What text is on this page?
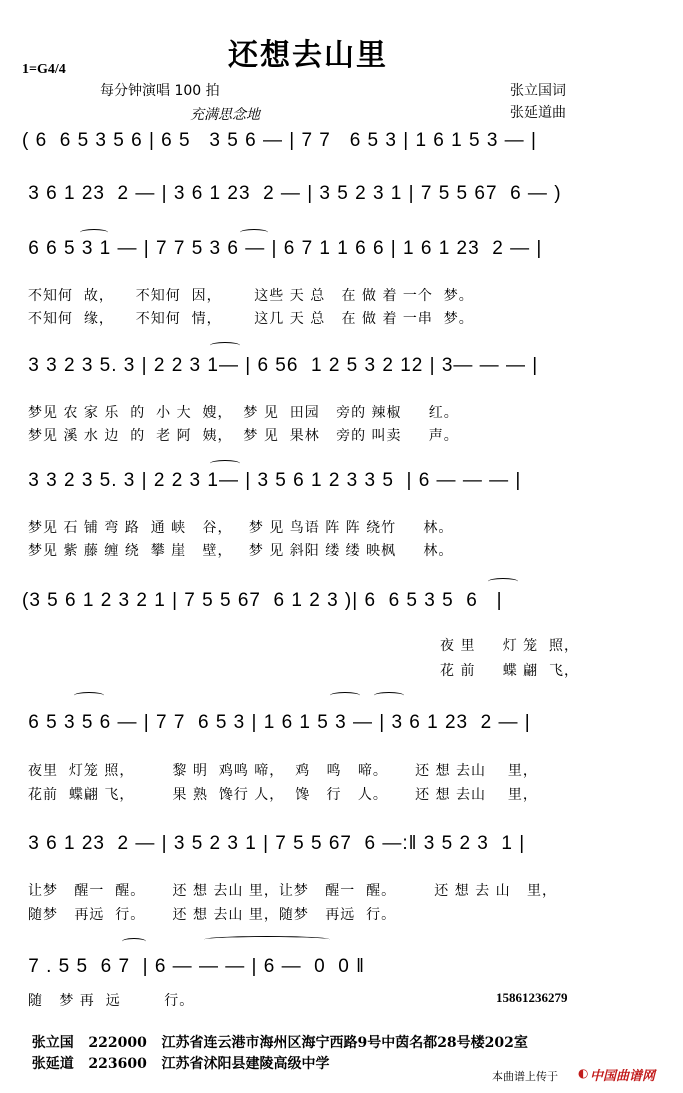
还想去山里
1=G4/4
每分钟演唱 100 拍
充满思念地
张立国词
张延道曲
( 6  6 5 3 5 6 | 6 5   3 5 6 — | 7 7   6 5 3 | 1 6 1 5 3 — |
3 6 1 23  2 — | 3 6 1 23  2 — | 3 5 2 3 1 | 7 5 5 67  6 — )
6 6 5 3 1 — | 7 7 5 3 6 — | 6 7 1 1 6 6 | 1 6 1 23  2 — |
不知何  故，    不知何  因，      这些 天 总   在 做 着 一个  梦。
不知何  缘，    不知何  情，      这几 天 总   在 做 着 一串  梦。
3 3 2 3 5. 3 | 2 2 3 1— | 6 56  1 2 5 3 2 12 | 3— — — |
梦见 农 家 乐  的  小 大  嫂，  梦 见  田园   旁的 辣椒     红。
梦见 溪 水 边  的  老 阿  姨，  梦 见  果林   旁的 叫卖     声。
3 3 2 3 5. 3 | 2 2 3 1— | 3 5 6 1 2 3 3 5  | 6 — — — |
梦见 石 铺 弯 路  通 峡   谷，   梦 见 鸟语 阵 阵 绕竹     林。
梦见 紫 藤 缠 绕  攀 崖   壁，   梦 见 斜阳 缕 缕 映枫     林。
(3 5 6 1 2 3 2 1 | 7 5 5 67  6 1 2 3 )| 6  6 5 3 5  6   |
夜 里     灯 笼  照，
花 前     蝶 翩  飞，
6 5 3 5 6 — | 7 7  6 5 3 | 1 6 1 5 3 — | 3 6 1 23  2 — |
夜里  灯笼 照，       黎 明  鸡鸣 啼，  鸡   鸣   啼。     还 想 去山    里，
花前  蝶翩 飞，       果 熟  馋行 人，  馋   行   人。     还 想 去山    里，
3 6 1 23  2 — | 3 5 2 3 1 | 7 5 5 67  6 —:‖ 3 5 2 3  1 |
让梦   醒一  醒。     还 想 去山 里，让梦   醒一  醒。       还 想 去 山   里，
随梦   再远  行。     还 想 去山 里，随梦   再远  行。
7 . 5 5  6 7  | 6 — — — | 6 —  0  0 ‖
随   梦 再  远        行。	15861236279

张立国 222000 江苏省连云港市海州区海宁西路9号中茵名都28号楼202室

张延道 223600 江苏省沭阳县建陵高级中学

本曲谱上传于 ◐ 中国曲谱网
